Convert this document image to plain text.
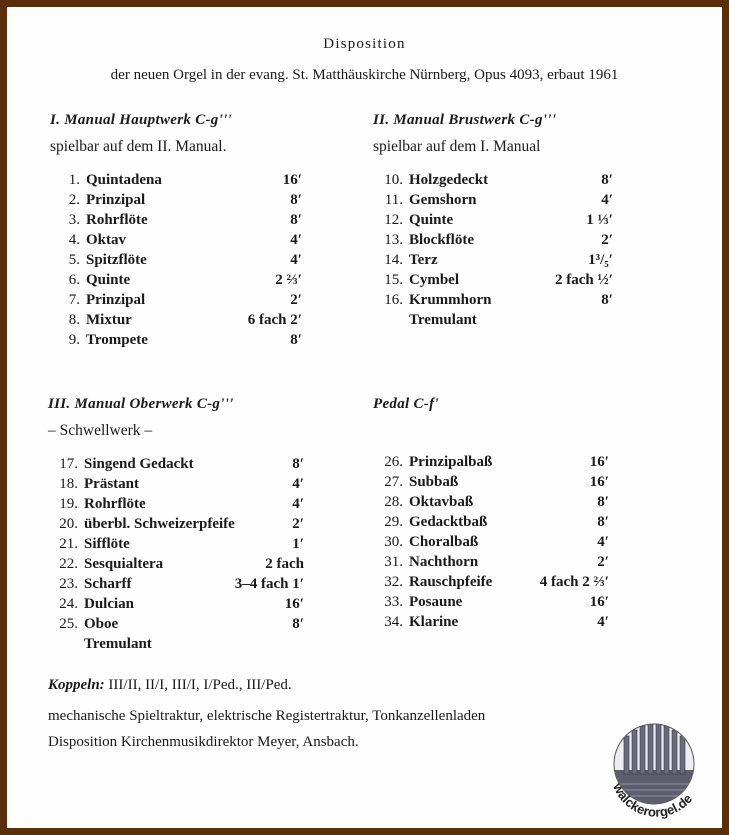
Disposition
der neuen Orgel in der evang. St. Matthäuskirche Nürnberg, Opus 4093, erbaut 1961
I. Manual Hauptwerk C-g'''
spielbar auf dem II. Manual.
1. Quintadena	16′
2. Prinzipal	8′
3. Rohrflöte	8′
4. Oktav	4′
5. Spitzflöte	4′
6. Quinte	2 ⅔′
7. Prinzipal	2′
8. Mixtur	6 fach 2′
9. Trompete	8′
II. Manual Brustwerk C-g'''
spielbar auf dem I. Manual
10. Holzgedeckt	8′
11. Gemshorn	4′
12. Quinte	1 ⅓′
13. Blockflöte	2′
14. Terz	1³/₅′
15. Cymbel	2 fach ½′
16. Krummhorn	8′
Tremulant
III. Manual Oberwerk C-g'''
– Schwellwerk –
17. Singend Gedackt	8′
18. Prästant	4′
19. Rohrflöte	4′
20. überbl. Schweizerpfeife	2′
21. Sifflöte	1′
22. Sesquialtera	2 fach
23. Scharff	3–4 fach 1′
24. Dulcian	16′
25. Oboe	8′
Tremulant
Pedal C-f'
26. Prinzipalbaß	16′
27. Subbaß	16′
28. Oktavbaß	8′
29. Gedacktbaß	8′
30. Choralbaß	4′
31. Nachthorn	2′
32. Rauschpfeife	4 fach 2 ⅔′
33. Posaune	16′
34. Klarine	4′
Koppeln: III/II, II/I, III/I, I/Ped., III/Ped.
mechanische Spieltraktur, elektrische Registertraktur, Tonkanzellenladen
Disposition Kirchenmusikdirektor Meyer, Ansbach.
walckerorgel.de
